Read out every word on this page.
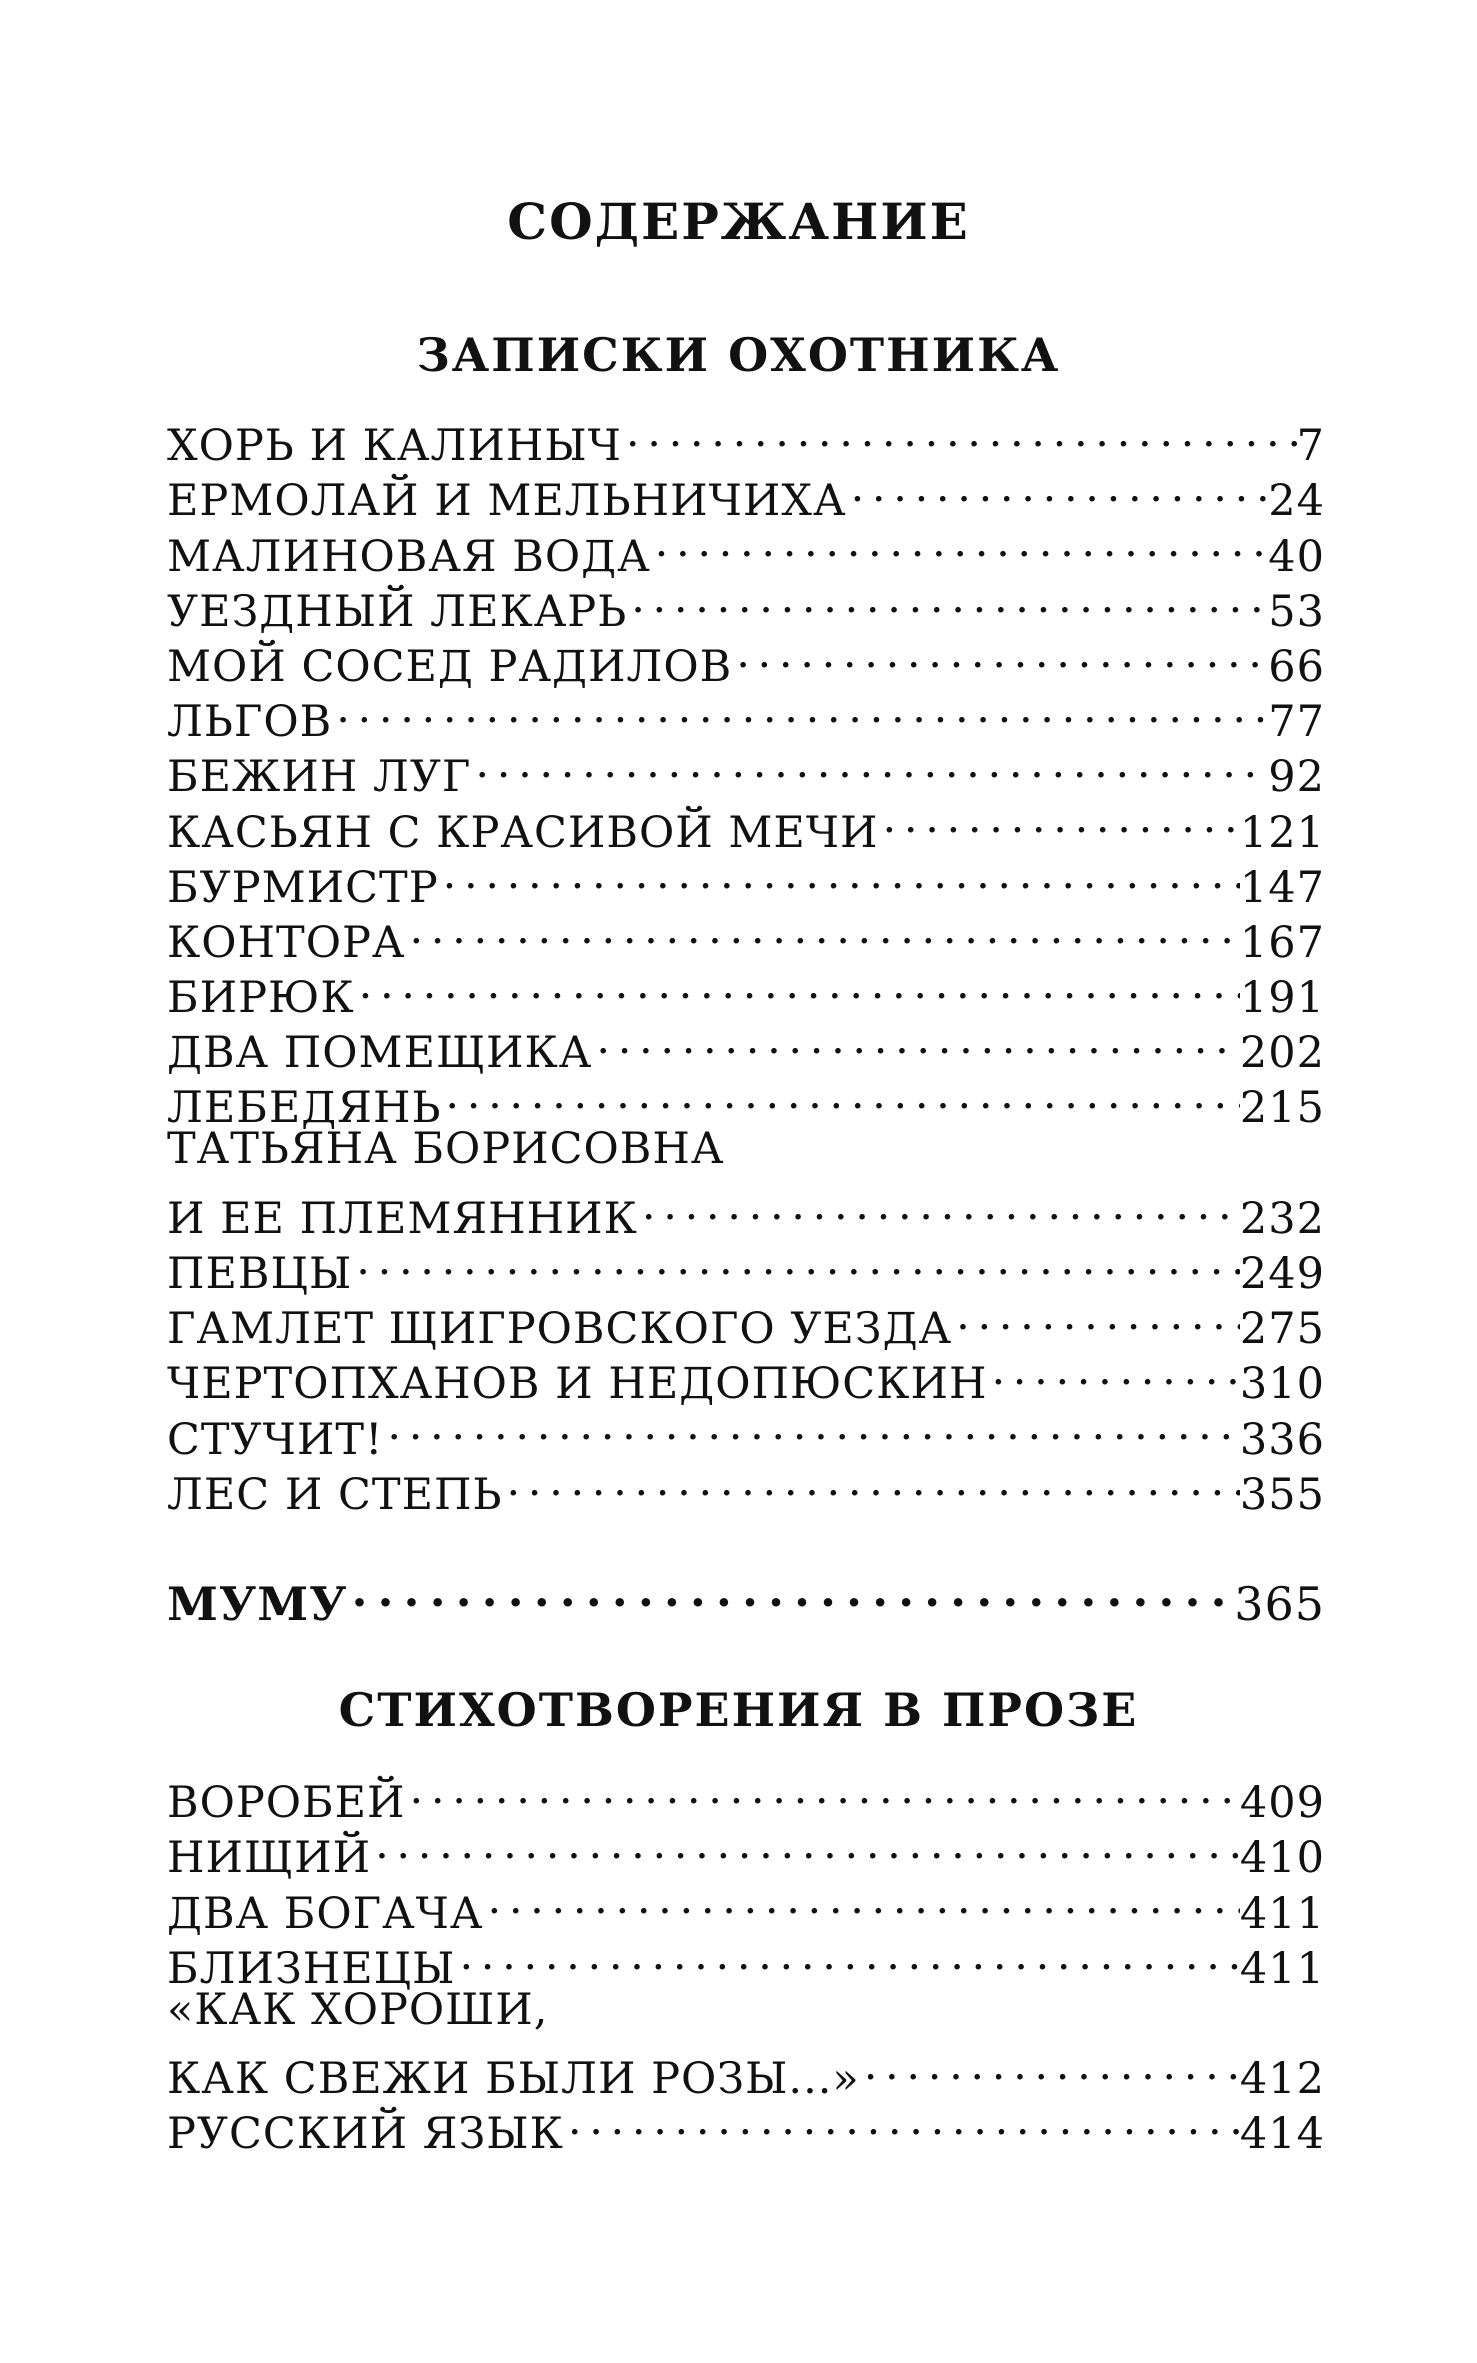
СОДЕРЖАНИЕ
ЗАПИСКИ ОХОТНИКА
ХОРЬ И КАЛИНЫЧ . . .	7
ЕРМОЛАЙ И МЕЛЬНИЧИХА . . .	24
МАЛИНОВАЯ ВОДА . . .	40
УЕЗДНЫЙ ЛЕКАРЬ . . .	53
МОЙ СОСЕД РАДИЛОВ . . .	66
ЛЬГОВ . . .	77
БЕЖИН ЛУГ . . .	92
КАСЬЯН С КРАСИВОЙ МЕЧИ . . .	121
БУРМИСТР . . .	147
КОНТОРА . . .	167
БИРЮК . . .	191
ДВА ПОМЕЩИКА . . .	202
ЛЕБЕДЯНЬ . . .	215
ТАТЬЯНА БОРИСОВНА
И ЕЕ ПЛЕМЯННИК . . .	232
ПЕВЦЫ . . .	249
ГАМЛЕТ ЩИГРОВСКОГО УЕЗДА . . .	275
ЧЕРТОПХАНОВ И НЕДОПЮСКИН . . .	310
СТУЧИТ! . . .	336
ЛЕС И СТЕПЬ . . .	355
МУМУ . . .	365
СТИХОТВОРЕНИЯ В ПРОЗЕ
ВОРОБЕЙ . . .	409
НИЩИЙ . . .	410
ДВА БОГАЧА . . .	411
БЛИЗНЕЦЫ . . .	411
«КАК ХОРОШИ,
КАК СВЕЖИ БЫЛИ РОЗЫ...» . . .	412
РУССКИЙ ЯЗЫК . . .	414
